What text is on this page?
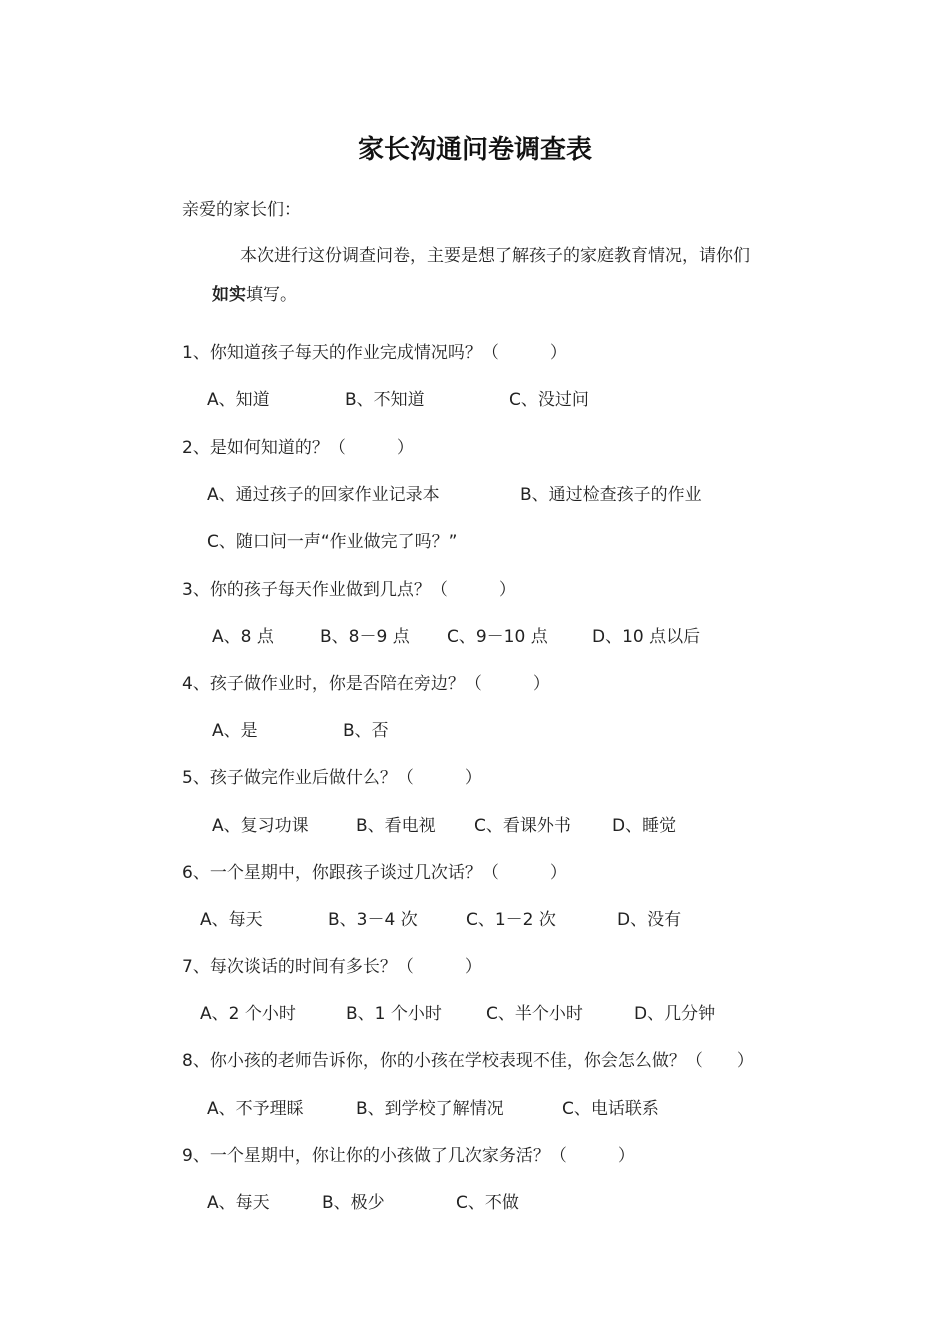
家长沟通问卷调查表
亲爱的家长们：
本次进行这份调查问卷，主要是想了解孩子的家庭教育情况，请你们
如实填写。
1、你知道孩子每天的作业完成情况吗？（　　　）
A、知道	B、不知道	C、没过问
2、是如何知道的？（　　　）
A、通过孩子的回家作业记录本	B、通过检查孩子的作业
C、随口问一声“作业做完了吗？”
3、你的孩子每天作业做到几点？（　　　）
A、8 点	B、8－9 点 C、9－10 点	D、10 点以后
4、孩子做作业时，你是否陪在旁边？（　　　）
A、是	B、否
5、孩子做完作业后做什么？（　　　）
A、复习功课	B、看电视 C、看课外书 D、睡觉
6、一个星期中，你跟孩子谈过几次话？（　　　）
A、每天	B、3－4 次	C、1－2 次	D、没有
7、每次谈话的时间有多长？（　　　）
A、2 个小时	B、1 个小时	C、半个小时	D、几分钟
8、你小孩的老师告诉你，你的小孩在学校表现不佳，你会怎么做？（　　）
A、不予理睬	B、到学校了解情况	C、电话联系
9、一个星期中，你让你的小孩做了几次家务活？（　　　）
A、每天	B、极少	C、不做
